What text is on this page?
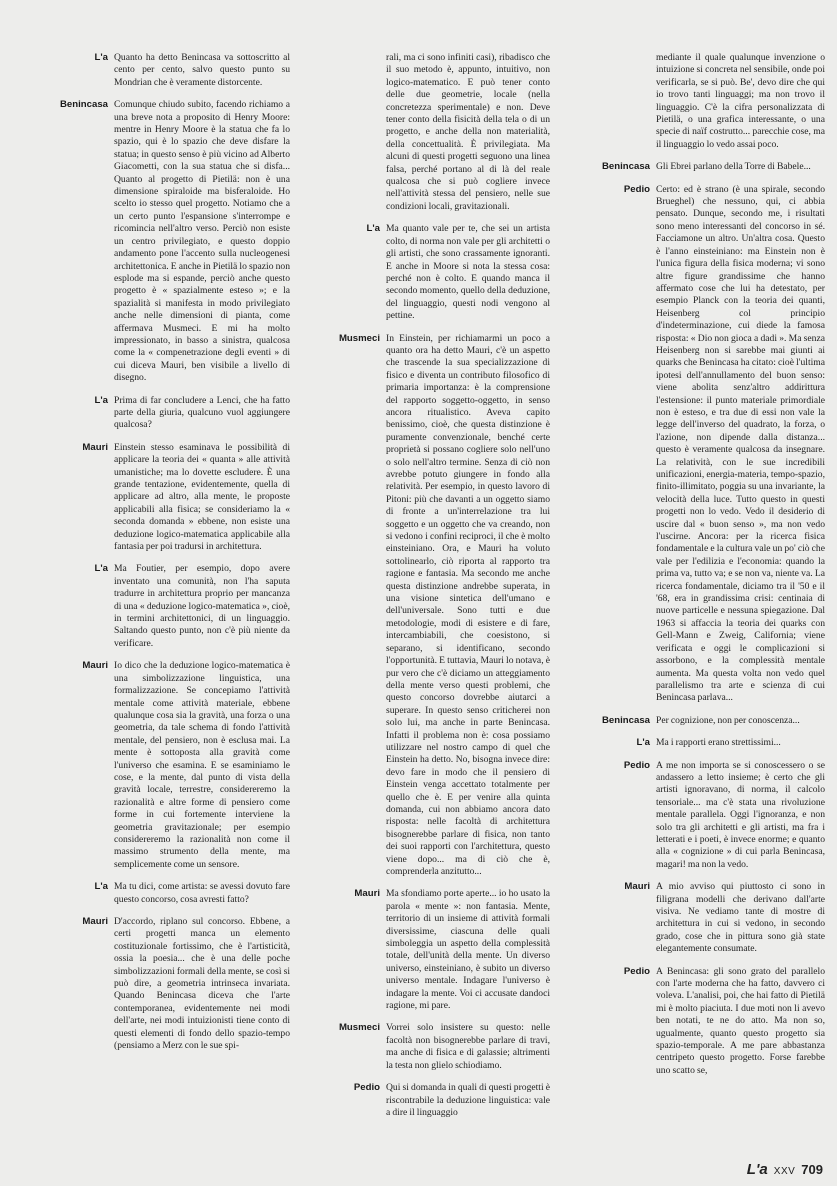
L'a Quanto ha detto Benincasa va sottoscritto al cento per cento, salvo questo punto su Mondrian che è veramente distorcente.
Benincasa Comunque chiudo subito, facendo richiamo a una breve nota a proposito di Henry Moore: mentre in Henry Moore è la statua che fa lo spazio, qui è lo spazio che deve disfare la statua; in questo senso è più vicino ad Alberto Giacometti, con la sua statua che si disfa... Quanto al progetto di Pietilä: non è una dimensione spiraloide ma bisferaloide. Ho scelto io stesso quel progetto. Notiamo che a un certo punto l'espansione s'interrompe e ricomincia nell'altro verso. Perciò non esiste un centro privilegiato, e questo doppio andamento pone l'accento sulla nucleogenesi architettonica. E anche in Pietilä lo spazio non esplode ma si espande, perciò anche questo progetto è « spazialmente esteso »; e la spazialità si manifesta in modo privilegiato anche nelle dimensioni di pianta, come affermava Musmeci. E mi ha molto impressionato, in basso a sinistra, qualcosa come la « compenetrazione degli eventi » di cui diceva Mauri, ben visibile a livello di disegno.
L'a Prima di far concludere a Lenci, che ha fatto parte della giuria, qualcuno vuol aggiungere qualcosa?
Mauri Einstein stesso esaminava le possibilità di applicare la teoria dei « quanta » alle attività umanistiche; ma lo dovette escludere. È una grande tentazione, evidentemente, quella di applicare ad altro, alla mente, le proposte applicabili alla fisica; se consideriamo la « seconda domanda » ebbene, non esiste una deduzione logico-matematica applicabile alla fantasia per poi tradursi in architettura.
L'a Ma Foutier, per esempio, dopo avere inventato una comunità, non l'ha saputa tradurre in architettura proprio per mancanza di una « deduzione logico-matematica », cioè, in termini architettonici, di un linguaggio. Saltando questo punto, non c'è più niente da verificare.
Mauri Io dico che la deduzione logico-matematica è una simbolizzazione linguistica, una formalizzazione. Se concepiamo l'attività mentale come attività materiale, ebbene qualunque cosa sia la gravità, una forza o una geometria, da tale schema di fondo l'attività mentale, del pensiero, non è esclusa mai. La mente è sottoposta alla gravità come l'universo che esamina. E se esaminiamo le cose, e la mente, dal punto di vista della gravità locale, terrestre, considereremo la razionalità e altre forme di pensiero come forme in cui fortemente interviene la geometria gravitazionale; per esempio considereremo la razionalità non come il massimo strumento della mente, ma semplicemente come un sensore.
L'a Ma tu dici, come artista: se avessi dovuto fare questo concorso, cosa avresti fatto?
Mauri D'accordo, riplano sul concorso. Ebbene, a certi progetti manca un elemento costituzionale fortissimo, che è l'artisticità, ossia la poesia... che è una delle poche simbolizzazioni formali della mente, se così si può dire, a geometria intrinseca invariata. Quando Benincasa diceva che l'arte contemporanea, evidentemente nei modi dell'arte, nei modi intuizionisti tiene conto di questi elementi di fondo dello spazio-tempo (pensiamo a Merz con le sue spi-
rali, ma ci sono infiniti casi), ribadisco che il suo metodo è, appunto, intuitivo, non logico-matematico. E può tener conto delle due geometrie, locale (nella concretezza sperimentale) e non. Deve tener conto della fisicità della tela o di un progetto, e anche della non materialità, della concettualità. È privilegiata. Ma alcuni di questi progetti seguono una linea falsa, perché portano al di là del reale qualcosa che si può cogliere invece nell'attività stessa del pensiero, nelle sue condizioni locali, gravitazionali.
L'a Ma quanto vale per te, che sei un artista colto, di norma non vale per gli architetti o gli artisti, che sono crassamente ignoranti. E anche in Moore si nota la stessa cosa: perché non è colto. E quando manca il secondo momento, quello della deduzione, del linguaggio, questi nodi vengono al pettine.
Musmeci In Einstein, per richiamarmi un poco a quanto ora ha detto Mauri, c'è un aspetto che trascende la sua specializzazione di fisico e diventa un contributo filosofico di primaria importanza: è la comprensione del rapporto soggetto-oggetto, in senso ancora ritualistico. Aveva capito benissimo, cioè, che questa distinzione è puramente convenzionale, benché certe proprietà si possano cogliere solo nell'uno o solo nell'altro termine. Senza di ciò non avrebbe potuto giungere in fondo alla relatività. Per esempio, in questo lavoro di Pitoni: più che davanti a un oggetto siamo di fronte a un'interrelazione tra lui soggetto e un oggetto che va creando, non si vedono i confini reciproci, il che è molto einsteiniano. Ora, e Mauri ha voluto sottolinearlo, ciò riporta al rapporto tra ragione e fantasia. Ma secondo me anche questa distinzione andrebbe superata, in una visione sintetica dell'umano e dell'universale. Sono tutti e due metodologie, modi di esistere e di fare, intercambiabili, che coesistono, si separano, si identificano, secondo l'opportunità. E tuttavia, Mauri lo notava, è pur vero che c'è diciamo un atteggiamento della mente verso questi problemi, che questo concorso dovrebbe aiutarci a superare. In questo senso criticherei non solo lui, ma anche in parte Benincasa. Infatti il problema non è: cosa possiamo utilizzare nel nostro campo di quel che Einstein ha detto. No, bisogna invece dire: devo fare in modo che il pensiero di Einstein venga accettato totalmente per quello che è. E per venire alla quinta domanda, cui non abbiamo ancora dato risposta: nelle facoltà di architettura bisognerebbe parlare di fisica, non tanto dei suoi rapporti con l'architettura, questo viene dopo... ma di ciò che è, comprenderla anzitutto...
Mauri Ma sfondiamo porte aperte... io ho usato la parola « mente »: non fantasia. Mente, territorio di un insieme di attività formali diversissime, ciascuna delle quali simboleggia un aspetto della complessità totale, dell'unità della mente. Un diverso universo, einsteiniano, è subito un diverso universo mentale. Indagare l'universo è indagare la mente. Voi ci accusate dandoci ragione, mi pare.
Musmeci Vorrei solo insistere su questo: nelle facoltà non bisognerebbe parlare di travi, ma anche di fisica e di galassie; altrimenti la testa non glielo schiodiamo.
Pedio Qui si domanda in quali di questi progetti è riscontrabile la deduzione linguistica: vale a dire il linguaggio
mediante il quale qualunque invenzione o intuizione si concreta nel sensibile, onde poi verificarla, se si può. Be', devo dire che qui io trovo tanti linguaggi; ma non trovo il linguaggio. C'è la cifra personalizzata di Pietilä, o una grafica interessante, o una specie di naïf costrutto... parecchie cose, ma il linguaggio lo vedo assai poco.
Benincasa Gli Ebrei parlano della Torre di Babele...
Pedio Certo: ed è strano (è una spirale, secondo Brueghel) che nessuno, qui, ci abbia pensato. Dunque, secondo me, i risultati sono meno interessanti del concorso in sé. Facciamone un altro. Un'altra cosa. Questo è l'anno einsteiniano: ma Einstein non è l'unica figura della fisica moderna; vi sono altre figure grandissime che hanno affermato cose che lui ha detestato, per esempio Planck con la teoria dei quanti, Heisenberg col principio d'indeterminazione, cui diede la famosa risposta: « Dio non gioca a dadi ». Ma senza Heisenberg non si sarebbe mai giunti ai quarks che Benincasa ha citato: cioè l'ultima ipotesi dell'annullamento del buon senso: viene abolita senz'altro addirittura l'estensione: il punto materiale primordiale non è esteso, e tra due di essi non vale la legge dell'inverso del quadrato, la forza, o l'azione, non dipende dalla distanza... questo è veramente qualcosa da insegnare. La relatività, con le sue incredibili unificazioni, energia-materia, tempo-spazio, finito-illimitato, poggia su una invariante, la velocità della luce. Tutto questo in questi progetti non lo vedo. Vedo il desiderio di uscire dal « buon senso », ma non vedo l'uscirne. Ancora: per la ricerca fisica fondamentale e la cultura vale un po' ciò che vale per l'edilizia e l'economia: quando la prima va, tutto va; e se non va, niente va. La ricerca fondamentale, diciamo tra il '50 e il '68, era in grandissima crisi: centinaia di nuove particelle e nessuna spiegazione. Dal 1963 si affaccia la teoria dei quarks con Gell-Mann e Zweig, California; viene verificata e oggi le complicazioni si assorbono, e la complessità mentale aumenta. Ma questa volta non vedo quel parallelismo tra arte e scienza di cui Benincasa parlava...
Benincasa Per cognizione, non per conoscenza...
L'a Ma i rapporti erano strettissimi...
Pedio A me non importa se si conoscessero o se andassero a letto insieme; è certo che gli artisti ignoravano, di norma, il calcolo tensoriale... ma c'è stata una rivoluzione mentale parallela. Oggi l'ignoranza, e non solo tra gli architetti e gli artisti, ma fra i letterati e i poeti, è invece enorme; e quanto alla « cognizione » di cui parla Benincasa, magari! ma non la vedo.
Mauri A mio avviso qui piuttosto ci sono in filigrana modelli che derivano dall'arte visiva. Ne vediamo tante di mostre di architettura in cui si vedono, in secondo grado, cose che in pittura sono già state elegantemente consumate.
Pedio A Benincasa: gli sono grato del parallelo con l'arte moderna che ha fatto, davvero ci voleva. L'analisi, poi, che hai fatto di Pietilä mi è molto piaciuta. I due moti non li avevo ben notati, te ne do atto. Ma non so, ugualmente, quanto questo progetto sia spazio-temporale. A me pare abbastanza centripeto questo progetto. Forse farebbe uno scatto se,
L'a XXV 709
